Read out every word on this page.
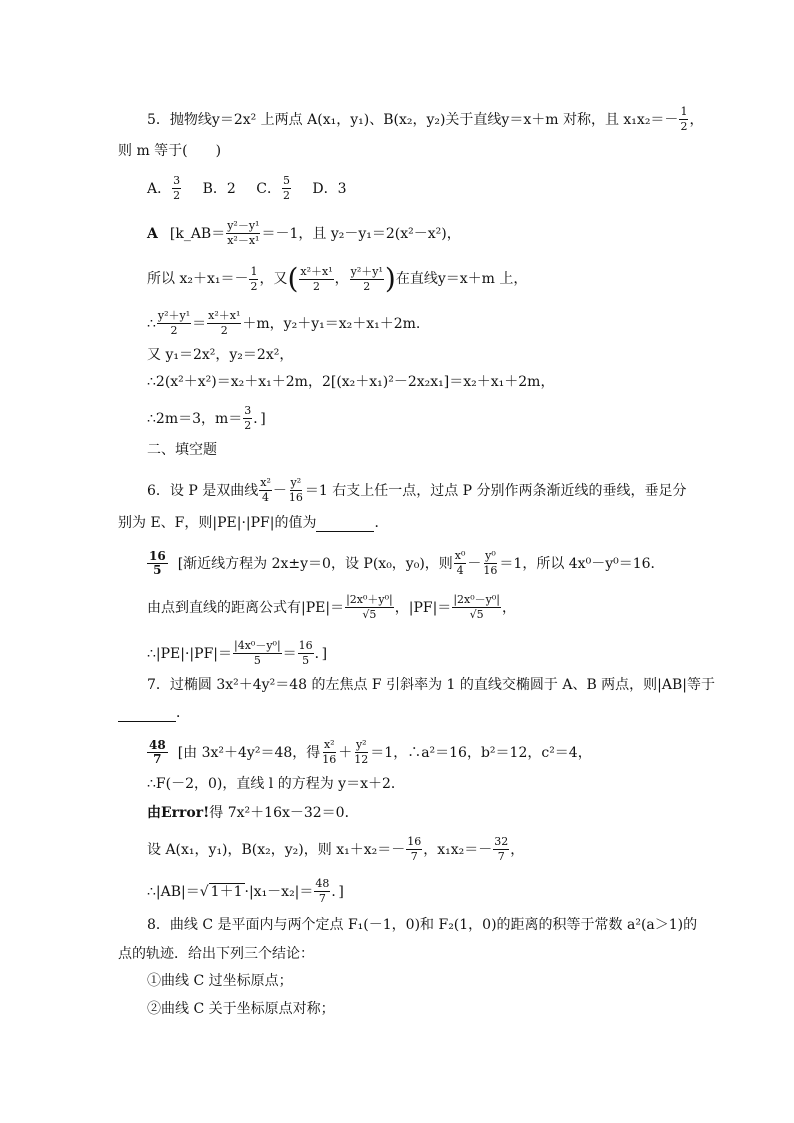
5．抛物线y＝2x² 上两点 A(x₁，y₁)、B(x₂，y₂)关于直线y＝x＋m 对称，且 $x_1x_2=- \frac{1}{2}$ ，
则 m 等于(　　)
A． $\frac{3}{2}$ B．2 C． $\frac{5}{2}$ D．3
A [k_AB＝ $\frac{\text{y²－y¹}}{\text{x²－x¹}} =-1$，且 y₂－y₁＝2(x²－x²)，
所以 $x_2+x_1=- \frac{1}{2}$ ，又( $\frac{\text{x²＋x¹}}{2}$ ， $\frac{\text{y²＋y¹}}{2}$ )在直线y＝x＋m 上，
∴ $\frac{\text{y²＋y¹}}{2} = \frac{\text{x²＋x¹}}{2} +m$，y₂＋y₁＝x₂＋x₁＋2m.
又 y₁＝2x²，y₂＝2x²，
∴2(x²＋x²)＝x₂＋x₁＋2m，2[(x₂＋x₁)²－2x₂x₁]＝x₂＋x₁＋2m，
∴2m＝3，$m= \frac{3}{2}$ ．]
二、填空题
6．设 P 是双曲线 $\frac{\text{x²}}{4} - \frac{\text{y²}}{16} =1$ 右支上任一点，过点 P 分别作两条渐近线的垂线，垂足分
别为 E、F，则|PE|·|PF|的值为	．
$\frac{16}{5}$ [渐近线方程为 2x±y＝0，设 P(x₀，y₀)，则 $\frac{\text{x⁰}}{4} - \frac{\text{y⁰}}{16} =1$，所以 4x⁰－y⁰＝16．
由点到直线的距离公式有$|PE|= \frac{\text{|2x⁰＋y⁰|}}{√5}$ ，$|PF|= \frac{\text{|2x⁰－y⁰|}}{√5}$ ，
∴|PE|·|PF|＝ $\frac{\text{|4x⁰－y⁰|}}{5} = \frac{16}{5}$ ．]
7．过椭圆 3x²＋4y²＝48 的左焦点 F 引斜率为 1 的直线交椭圆于 A、B 两点，则|AB|等于
．
$\frac{48}{7}$ [由 3x²＋4y²＝48，得 $\frac{\text{x²}}{16} + \frac{\text{y²}}{12} =1$，∴a²＝16，b²＝12，c²＝4，
∴F(－2，0)，直线 l 的方程为 y＝x＋2．
由Error!得 7x²＋16x－32＝0．
设 A(x₁，y₁)，B(x₂，y₂)，则 $x_1+x_2=- \frac{16}{7}$ ，$x_1x_2=- \frac{32}{7}$ ，
∴|AB|＝√ $1+1 \cdot|x_1-x_2|= \frac{48}{7}$ ．]
8．曲线 C 是平面内与两个定点 F₁(－1，0)和 F₂(1，0)的距离的积等于常数 a²(a＞1)的
点的轨迹．给出下列三个结论：
①曲线 C 过坐标原点；
②曲线 C 关于坐标原点对称；
